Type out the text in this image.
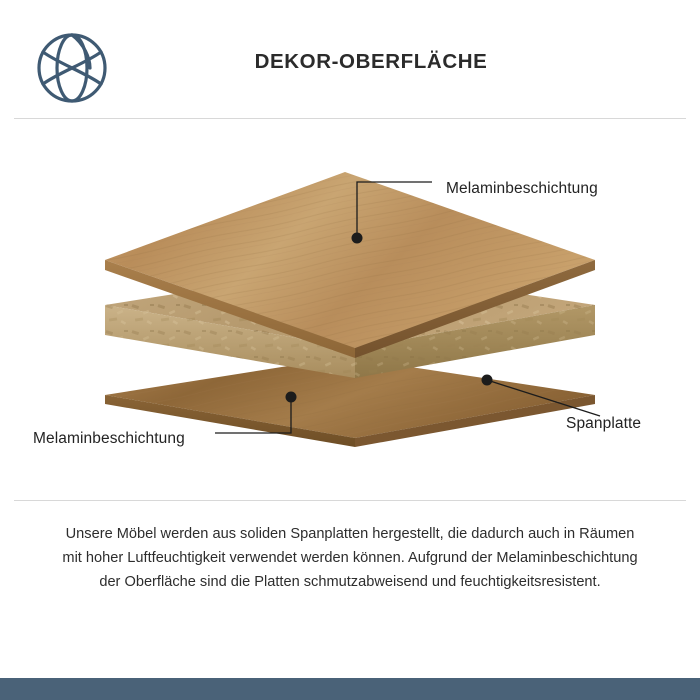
DEKOR-OBERFLÄCHE
Melaminbeschichtung
Spanplatte
Melaminbeschichtung
Unsere Möbel werden aus soliden Spanplatten hergestellt, die dadurch auch in Räumen mit hoher Luftfeuchtigkeit verwendet werden können. Aufgrund der Melaminbeschichtung der Oberfläche sind die Platten schmutzabweisend und feuchtigkeitsresistent.
